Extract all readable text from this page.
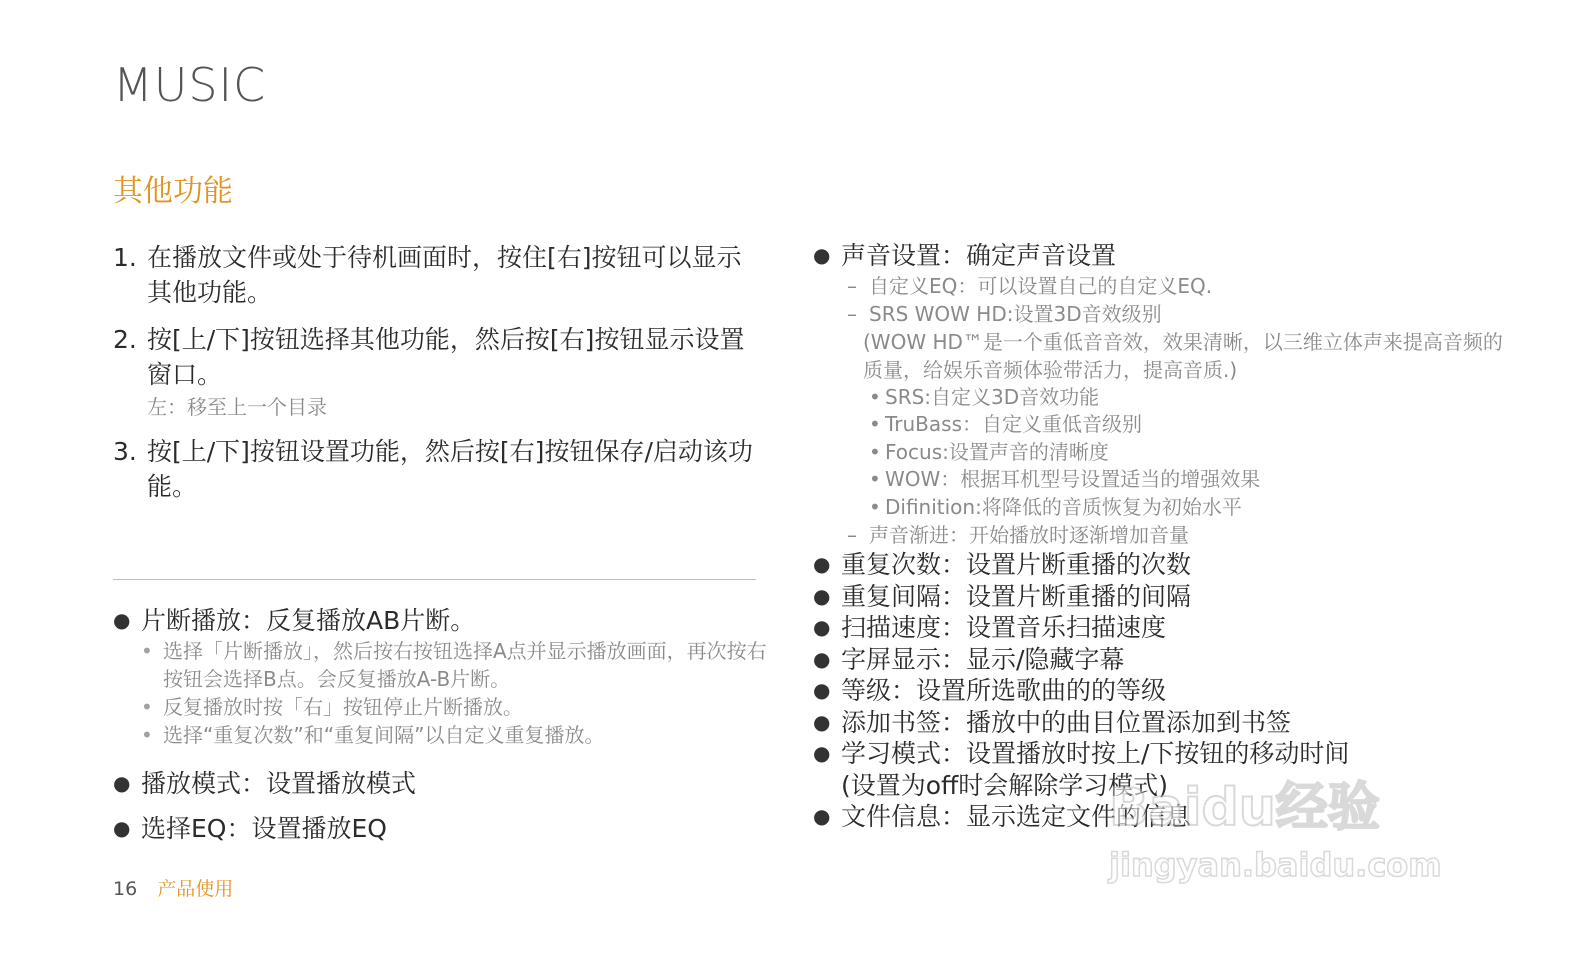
MUSIC
其他功能
1. 在播放文件或处于待机画面时，按住[右]按钮可以显示其他功能。
2. 按[上/下]按钮选择其他功能，然后按[右]按钮显示设置窗口。
左：移至上一个目录
3. 按[上/下]按钮设置功能，然后按[右]按钮保存/启动该功能。
● 片断播放：反复播放AB片断。
• 选择「片断播放」，然后按右按钮选择A点并显示播放画面，再次按右按钮会选择B点。会反复播放A-B片断。
• 反复播放时按「右」按钮停止片断播放。
• 选择“重复次数”和“重复间隔”以自定义重复播放。
● 播放模式：设置播放模式
● 选择EQ：设置播放EQ
● 声音设置：确定声音设置
– 自定义EQ：可以设置自己的自定义EQ.
– SRS WOW HD:设置3D音效级别
(WOW HD™是一个重低音音效，效果清晰，以三维立体声来提高音频的质量，给娱乐音频体验带活力，提高音质.)
• SRS:自定义3D音效功能
• TruBass：自定义重低音级别
• Focus:设置声音的清晰度
• WOW：根据耳机型号设置适当的增强效果
• Difinition:将降低的音质恢复为初始水平
– 声音渐进：开始播放时逐渐增加音量
● 重复次数：设置片断重播的次数
● 重复间隔：设置片断重播的间隔
● 扫描速度：设置音乐扫描速度
● 字屏显示：显示/隐藏字幕
● 等级：设置所选歌曲的的等级
● 添加书签：播放中的曲目位置添加到书签
● 学习模式：设置播放时按上/下按钮的移动时间
(设置为off时会解除学习模式)
● 文件信息：显示选定文件的信息
16 产品使用
Baidu经验
jingyan.baidu.com
